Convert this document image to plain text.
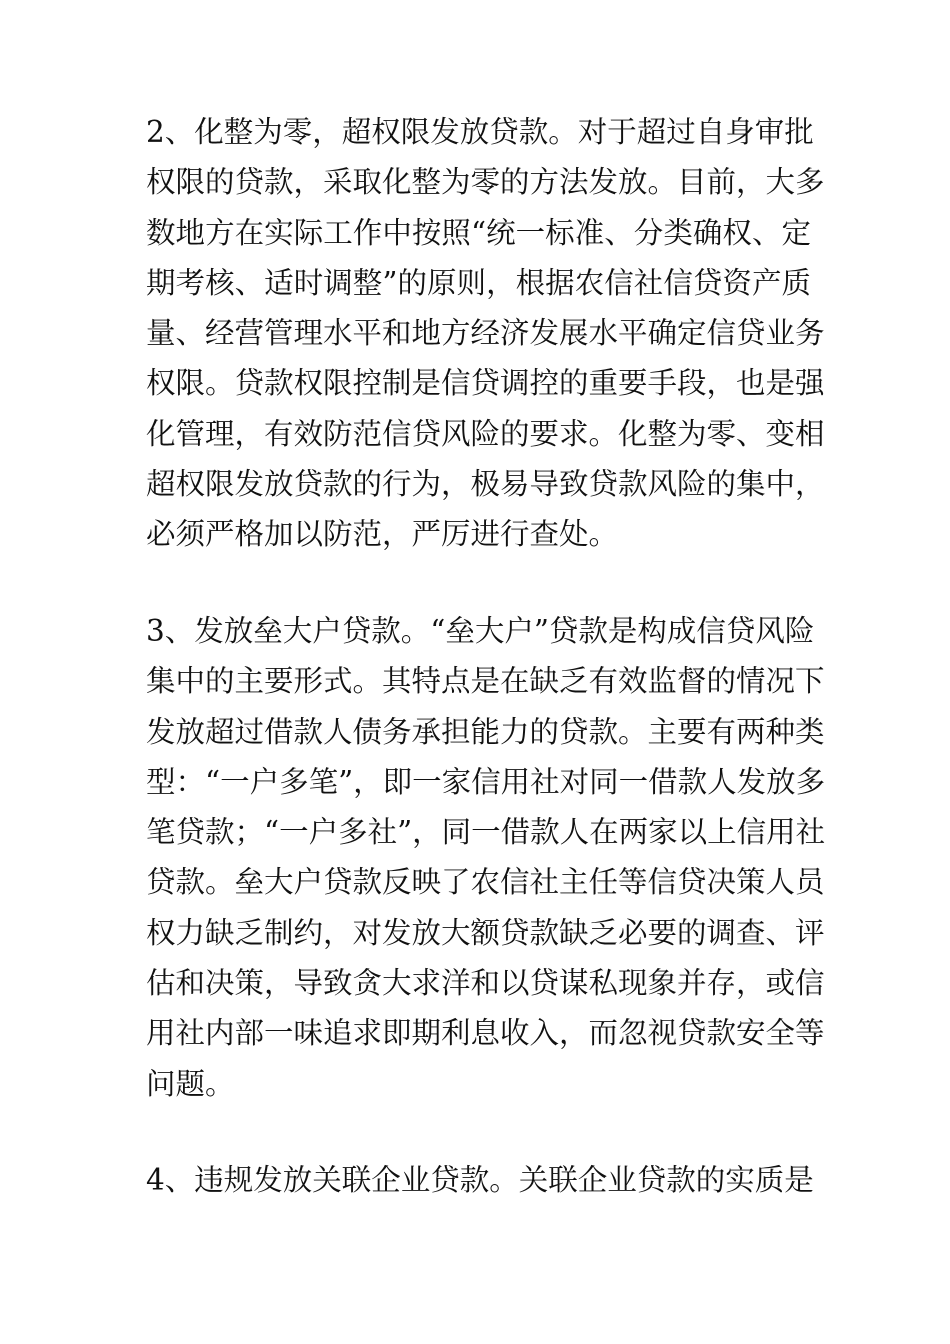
2、化整为零，超权限发放贷款。对于超过自身审批
权限的贷款，采取化整为零的方法发放。目前，大多
数地方在实际工作中按照“统一标准、分类确权、定
期考核、适时调整”的原则，根据农信社信贷资产质
量、经营管理水平和地方经济发展水平确定信贷业务
权限。贷款权限控制是信贷调控的重要手段，也是强
化管理，有效防范信贷风险的要求。化整为零、变相
超权限发放贷款的行为，极易导致贷款风险的集中，
必须严格加以防范，严厉进行查处。
3、发放垒大户贷款。“垒大户”贷款是构成信贷风险
集中的主要形式。其特点是在缺乏有效监督的情况下
发放超过借款人债务承担能力的贷款。主要有两种类
型：“一户多笔”，即一家信用社对同一借款人发放多
笔贷款；“一户多社”，同一借款人在两家以上信用社
贷款。垒大户贷款反映了农信社主任等信贷决策人员
权力缺乏制约，对发放大额贷款缺乏必要的调查、评
估和决策，导致贪大求洋和以贷谋私现象并存，或信
用社内部一味追求即期利息收入，而忽视贷款安全等
问题。
4、违规发放关联企业贷款。关联企业贷款的实质是
